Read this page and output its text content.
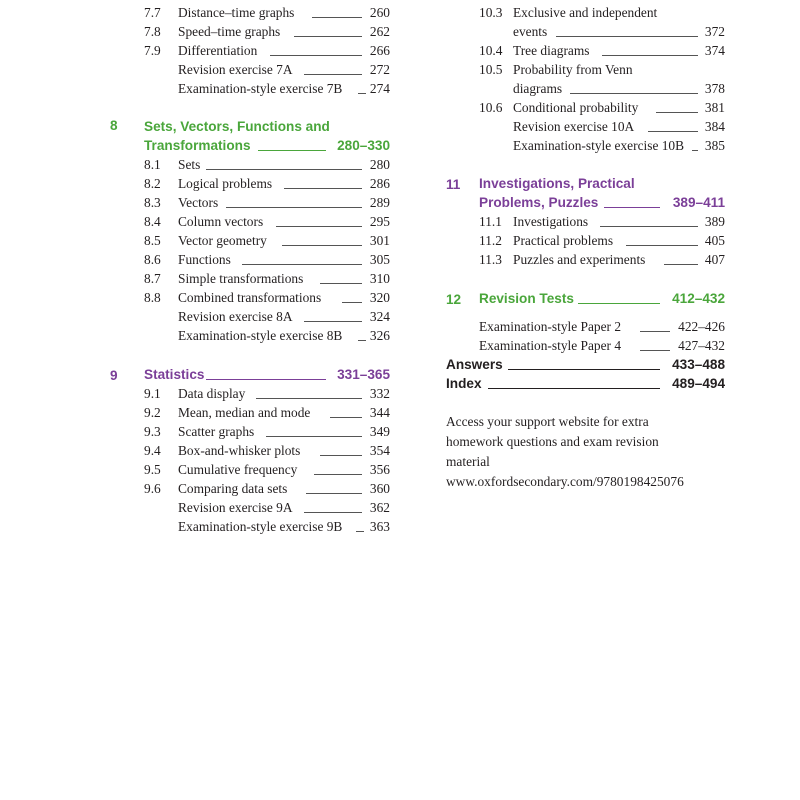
7.7 Distance–time graphs	260
7.8 Speed–time graphs	262
7.9 Differentiation	266
Revision exercise 7A	272
Examination-style exercise 7B	274
8 Sets, Vectors, Functions and
Transformations	280–330
8.1 Sets	280
8.2 Logical problems	286
8.3 Vectors	289
8.4 Column vectors	295
8.5 Vector geometry	301
8.6 Functions	305
8.7 Simple transformations	310
8.8 Combined transformations	320
Revision exercise 8A	324
Examination-style exercise 8B	326
9 Statistics	331–365
9.1 Data display	332
9.2 Mean, median and mode	344
9.3 Scatter graphs	349
9.4 Box-and-whisker plots	354
9.5 Cumulative frequency	356
9.6 Comparing data sets	360
Revision exercise 9A	362
Examination-style exercise 9B	363
10.3 Exclusive and independent
events	372
10.4 Tree diagrams	374
10.5 Probability from Venn
diagrams	378
10.6 Conditional probability	381
Revision exercise 10A	384
Examination-style exercise 10B	385
11 Investigations, Practical
Problems, Puzzles	389–411
11.1 Investigations	389
11.2 Practical problems	405
11.3 Puzzles and experiments	407
12 Revision Tests	412–432
Examination-style Paper 2	422–426
Examination-style Paper 4	427–432
Answers	433–488
Index	489–494
Access your support website for extra
homework questions and exam revision
material
www.oxfordsecondary.com/9780198425076
